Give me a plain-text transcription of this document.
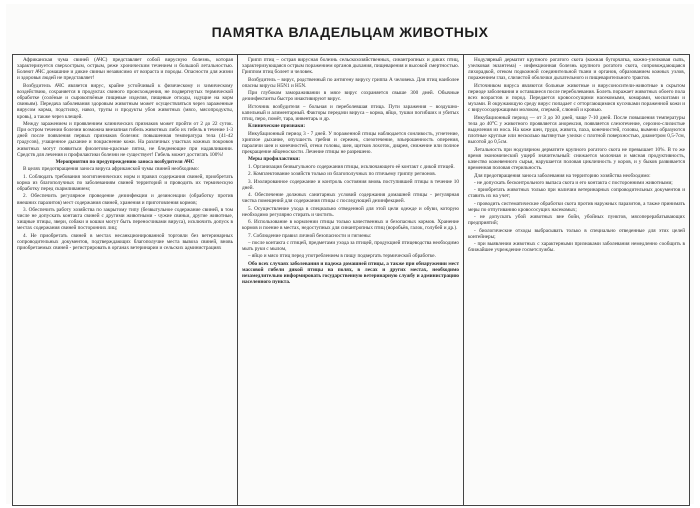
ПАМЯТКА ВЛАДЕЛЬЦАМ ЖИВОТНЫХ

Африканская чума свиней (АЧС) представляет собой вирусную болезнь, которая характеризуется сверхострым, острым, реже хроническим течением и большой летальностью. Болеют АЧС домашние и дикие свиньи независимо от возраста и породы. Опасности для жизни и здоровья людей не представляет!

Возбудитель АЧС является вирус, крайне устойчивый к физическому и химическому воздействию, сохраняется в продуктах свиного происхождения, не подвергнутых термической обработке (солёные и сырокопчёные пищевые изделия, пищевые отходы, идущие на корм свиньям). Передача заболевания здоровым животным может осуществляться через зараженные вирусом корма, подстилку, навоз, трупы и продукты убоя животных (мясо, мясопродукты, кровь), а также через клещей.

Между заражением и проявлением клинических признаков может пройти от 2 до 22 суток. При остром течении болезни возможна внезапная гибель животных либо их гибель в течение 1-3 дней после появления первых признаков болезни: повышенная температура тела (41-42 градусов), учащенное дыхание и покраснение кожи. На различных участках кожных покровов животных могут появиться фиолетово-красные пятна, не бледнеющие при надавливании. Средств для лечения и профилактики болезни не существует! Гибель может достигать 100%!

Мероприятия по предупреждению заноса возбудителя АЧС

В целях предотвращения заноса вируса африканской чумы свиней необходимо:

1. Соблюдать требования зоогигиенических норм и правил содержания свиней, приобретать корма из благополучных по заболеваниям свиней территорий и проводить их термическую обработку перед скармливанием;

2. Обеспечить регулярное проведение дезинфекции и дезинсекции (обработку против внешних паразитов) мест содержания свиней, хранения и приготовления кормов;

3. Обеспечить работу хозяйства по закрытому типу (безвыгульное содержание свиней, в том числе не допускать контакта свиней с другими животными - чужие свиньи, другие животные, хищные птицы, звери, собаки и кошки могут быть переносчиками вируса), исключить допуск в местах содержания свиней посторонних лиц;

4. Не приобретать свиней в местах несанкционированной торговли без ветеринарных сопроводительных документов, подтверждающих благополучие места вывоза свиней, вновь приобретаемых свиней - регистрировать в органах ветеринарии и сельских администрациях

Грипп птиц – острая вирусная болезнь сельскохозяйственных, синантропных и диких птиц, характеризующаяся острым поражением органов дыхания, пищеварения и высокой смертностью. Гриппом птиц болеет и человек.

Возбудитель – вирус, родственный по антигену вирусу гриппа А человека. Для птиц наиболее опасны вирусы H5N1 и H5N.

При глубоком замораживании в мясе вирус сохраняется свыше 300 дней. Обычные дезинфектанты быстро инактивируют вирус.

Источник возбудителя – больная и переболевшая птица. Пути заражения – воздушно-капельный и алиментарный. Факторы передачи вируса – корма, яйцо, тушки погибших и убитых птиц, перо, помёт, тара, инвентарь и др.

Клинические признаки:

Инкубационный период 3 - 7 дней. У пораженной птицы наблюдается сонливость, угнетение, хриплое дыхание, опухшесть гребня и сережек, слезотечение, взъерошенность оперения, параличи шеи и конечностей, отеки головы, шеи, щитков лохоток, диарея, снижение или полное прекращение яйценоскости. Лечение птицы не разрешено.

Меры профилактики:

1. Организация безвыгульного содержания птицы, исключающего её контакт с дикой птицей.

2. Комплектование хозяйств только из благополучных по птичьему гриппу регионов.

3. Изолированное содержание и контроль состояния вновь поступившей птицы в течение 10 дней.

4. Обеспечение должных санитарных условий содержания домашней птицы - регулярная чистка помещений для содержания птицы с последующей дезинфекцией.

5. Осуществление ухода в специально отведенной для этой цели одежде и обуви, которую необходимо регулярно стирать и чистить.

6. Использование в кормлении птицы только качественных и безопасных кормов. Хранение кормов и поение в местах, недоступных для синантропных птиц (воробьёв, галок, голубей и др.).

7. Соблюдение правил личной безопасности и гигиены:

– после контакта с птицей, предметами ухода за птицей, продукцией птицеводства необходимо мыть руки с мылом,

– яйцо и мясо птиц перед употреблением в пищу подвергать термической обработке.

Обо всех случаях заболевания и падежа домашней птицы, а также при обнаружении мест массовой гибели дикой птицы на полях, в лесах и других местах, необходимо незамедлительно информировать государственную ветеринарную службу и администрацию населенного пункта.

Нодулярный дерматит крупного рогатого скота (кожная бугорчатка, кожно-узелковая сыпь, узелковая экзантема) - инфекционная болезнь крупного рогатого скота, сопровождающаяся лихорадкой, отеком подкожной соединительной ткани и органов, образованием кожных узлов, поражением глаз, слизистой оболочки дыхательного и пищеварительного трактов.

Источником вируса являются больные животные и вирусоносители-животные в скрытом периоде заболевания и оставшиеся после переболевания. Болеть поражает животных обоего пола всех возрастов и пород. Передается кровососущими насекомыми, комарами, москитами и мухами. В окружающую среду вирус попадает с отторгающимися кусочками пораженной кожи и с вирусосодержащими молоком, спермой, слюной и кровью.

Инкубационный период — от 3 до 30 дней, чаще 7-10 дней. После повышения температуры тела до 40°С у животного проявляется анорексия, появляется слезотечение, серозно-слизистые выделения из носа. На коже шеи, груди, живота, паха, конечностей, головы, вымени образуются плотные круглые или несколько вытянутые узелки с плотной поверхностью, диаметром 0,5-7см, высотой до 0,5см.

Летальность при нодулярном дерматите крупного рогатого скота не превышает 10%. В то же время экономический ущерб значительный: снижается молочная и мясная продуктивность, качество кожевенного сырья, нарушается половая цикличность у коров, и у быков развивается временная половая стерильность.

Для предотвращения заноса заболевания на территорию хозяйства необходимо:

- не допускать бесконтрольного выпаса скота и его контакта с посторонними животными;

- приобретать животных только при наличии ветеринарных сопроводительных документов и ставить их на учет;

- проводить систематические обработки скота против наружных паразитов, а также принимать меры по отпугиванию кровососущих насекомых;

- не допускать убой животных вне бойн, убойных пунктов, мясоперерабатывающих предприятий;

- биологические отходы выбрасывать только в специально отведенные для этих целей контейнеры;

- при выявлении животных с характерными признаками заболевания немедленно сообщить в ближайшее учреждение госветслужбы.
